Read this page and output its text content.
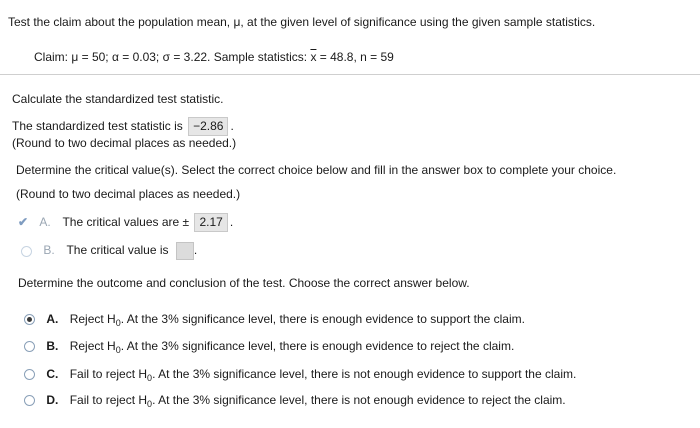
Test the claim about the population mean, μ, at the given level of significance using the given sample statistics.
Claim: μ = 50; α = 0.03; σ = 3.22. Sample statistics: $\overline{x} = 48.8$, n = 59
Calculate the standardized test statistic.
The standardized test statistic is −2.86 .
(Round to two decimal places as needed.)
Determine the critical value(s). Select the correct choice below and fill in the answer box to complete your choice.
(Round to two decimal places as needed.)
✔ A. The critical values are ± 2.17 .
B. The critical value is .
Determine the outcome and conclusion of the test. Choose the correct answer below.
A. Reject $H_0$. At the 3% significance level, there is enough evidence to support the claim.
B. Reject $H_0$. At the 3% significance level, there is enough evidence to reject the claim.
C. Fail to reject $H_0$. At the 3% significance level, there is not enough evidence to support the claim.
D. Fail to reject $H_0$. At the 3% significance level, there is not enough evidence to reject the claim.
